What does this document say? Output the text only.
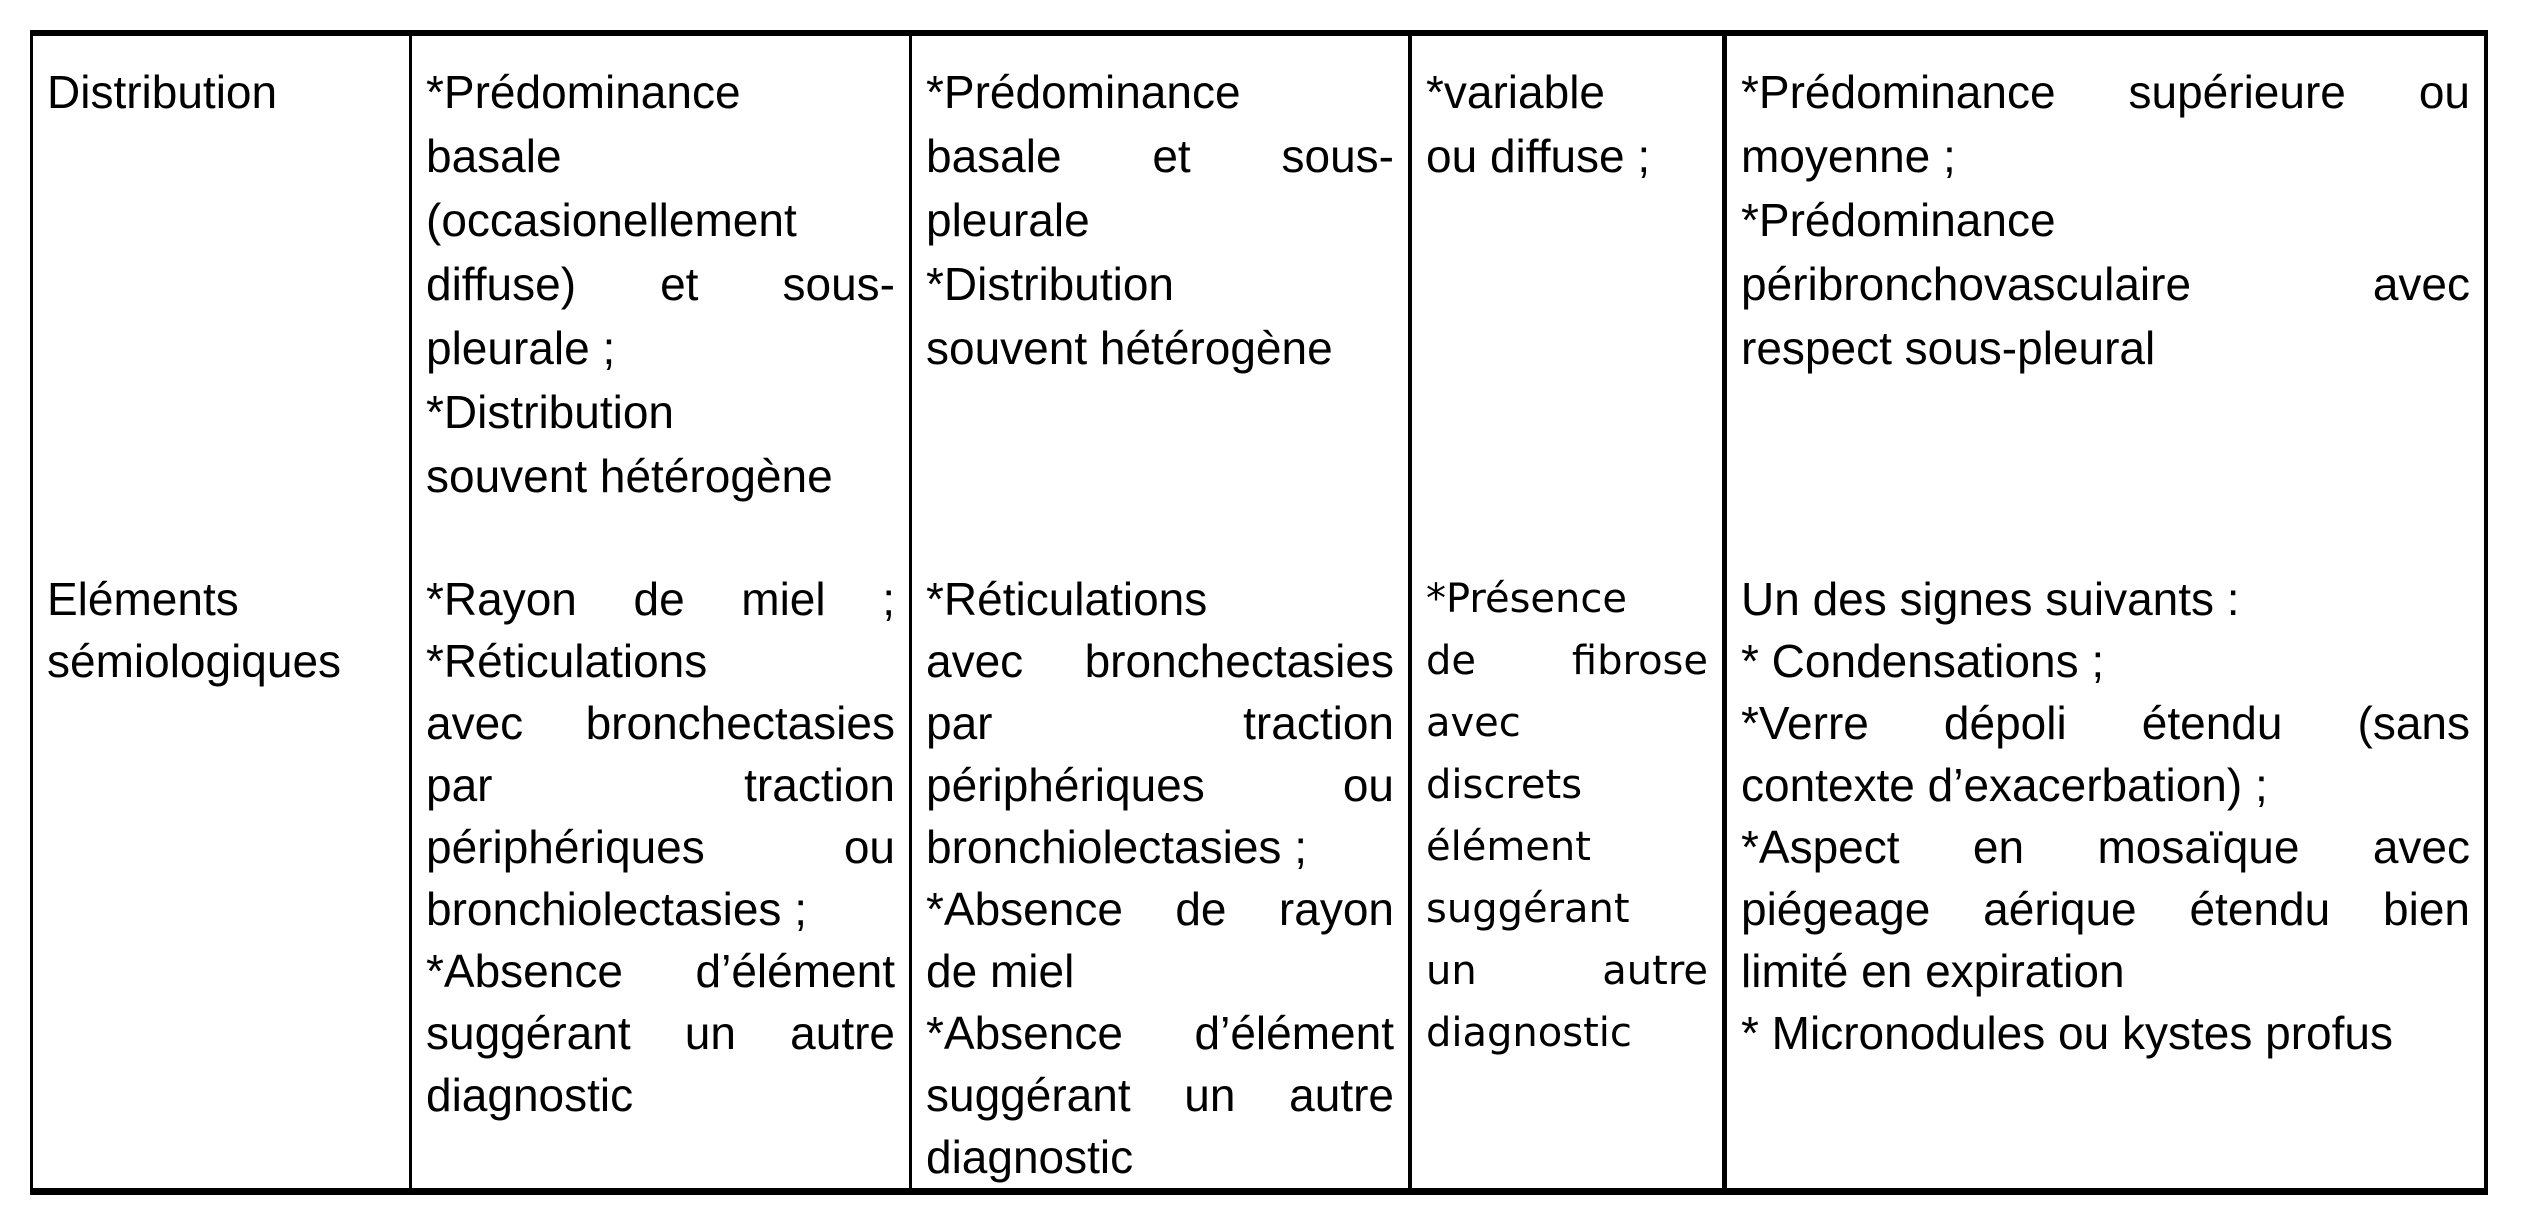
Distribution
Eléments
sémiologiques
*Prédominance
basale
(occasionellement
diffuse) et sous-
pleurale ;
*Distribution
souvent hétérogène
*Rayon de miel ;
*Réticulations
avec bronchectasies
par traction
périphériques ou
bronchiolectasies ;
*Absence d’élément
suggérant un autre
diagnostic
*Prédominance
basale et sous-
pleurale
*Distribution
souvent hétérogène
*Réticulations
avec bronchectasies
par traction
périphériques ou
bronchiolectasies ;
*Absence de rayon
de miel
*Absence d’élément
suggérant un autre
diagnostic
*variable
ou diffuse ;
*Présence
de fibrose
avec
discrets
élément
suggérant
un autre
diagnostic
*Prédominance supérieure ou
moyenne ;
*Prédominance
péribronchovasculaire avec
respect sous-pleural
Un des signes suivants :
* Condensations ;
*Verre dépoli étendu (sans
contexte d’exacerbation) ;
*Aspect en mosaïque avec
piégeage aérique étendu bien
limité en expiration
* Micronodules ou kystes profus
